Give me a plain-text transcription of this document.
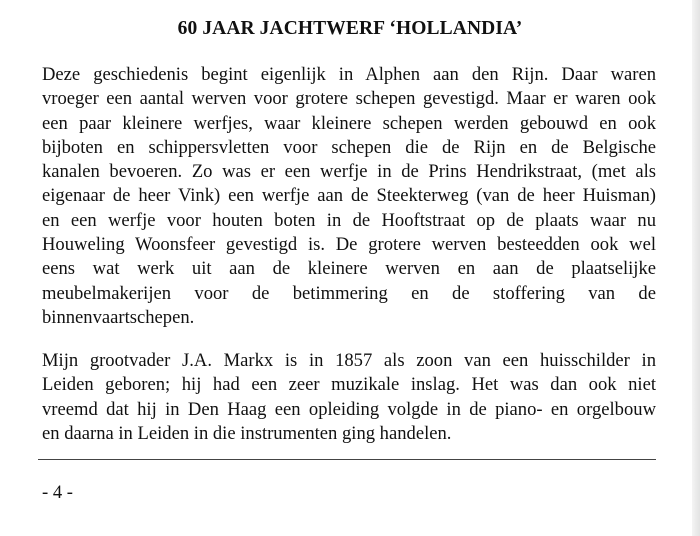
60 JAAR JACHTWERF ‘HOLLANDIA’
Deze geschiedenis begint eigenlijk in Alphen aan den Rijn. Daar waren
vroeger een aantal werven voor grotere schepen gevestigd. Maar er waren ook
een paar kleinere werfjes, waar kleinere schepen werden gebouwd en ook
bijboten en schippersvletten voor schepen die de Rijn en de Belgische
kanalen bevoeren. Zo was er een werfje in de Prins Hendrikstraat, (met als
eigenaar de heer Vink) een werfje aan de Steekterweg (van de heer Huisman)
en een werfje voor houten boten in de Hooftstraat op de plaats waar nu
Houweling Woonsfeer gevestigd is. De grotere werven besteedden ook wel
eens wat werk uit aan de kleinere werven en aan de plaatselijke
meubelmakerijen voor de betimmering en de stoffering van de
binnenvaartschepen.
Mijn grootvader J.A. Markx is in 1857 als zoon van een huisschilder in
Leiden geboren; hij had een zeer muzikale inslag. Het was dan ook niet
vreemd dat hij in Den Haag een opleiding volgde in de piano- en orgelbouw
en daarna in Leiden in die instrumenten ging handelen.
- 4 -
